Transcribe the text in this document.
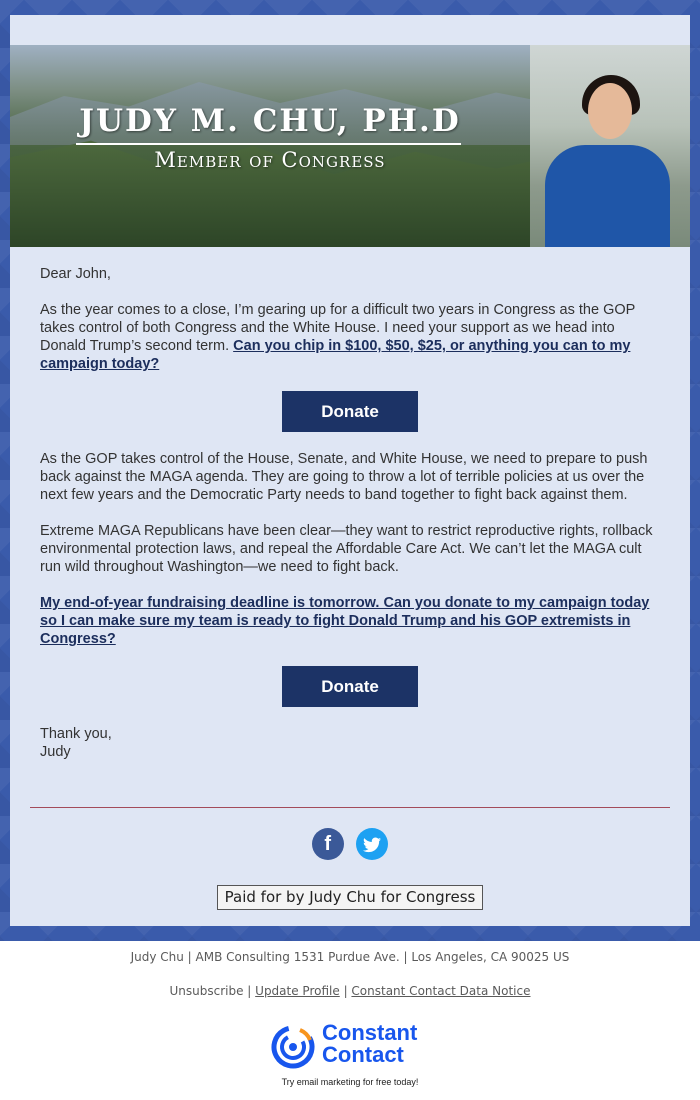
JUDY M. CHU, PH.D
Member of Congress

Dear John,

As the year comes to a close, I’m gearing up for a difficult two years in Congress as the GOP takes control of both Congress and the White House. I need your support as we head into Donald Trump’s second term. Can you chip in $100, $50, $25, or anything you can to my campaign today?

Donate

As the GOP takes control of the House, Senate, and White House, we need to prepare to push back against the MAGA agenda. They are going to throw a lot of terrible policies at us over the next few years and the Democratic Party needs to band together to fight back against them.

Extreme MAGA Republicans have been clear—they want to restrict reproductive rights, rollback environmental protection laws, and repeal the Affordable Care Act. We can’t let the MAGA cult run wild throughout Washington—we need to fight back.

My end-of-year fundraising deadline is tomorrow. Can you donate to my campaign today so I can make sure my team is ready to fight Donald Trump and his GOP extremists in Congress?

Donate

Thank you,
Judy

f
Paid for by Judy Chu for Congress
Judy Chu | AMB Consulting 1531 Purdue Ave. | Los Angeles, CA 90025 US
Unsubscribe | Update Profile | Constant Contact Data Notice
Constant
Contact
Try email marketing for free today!
